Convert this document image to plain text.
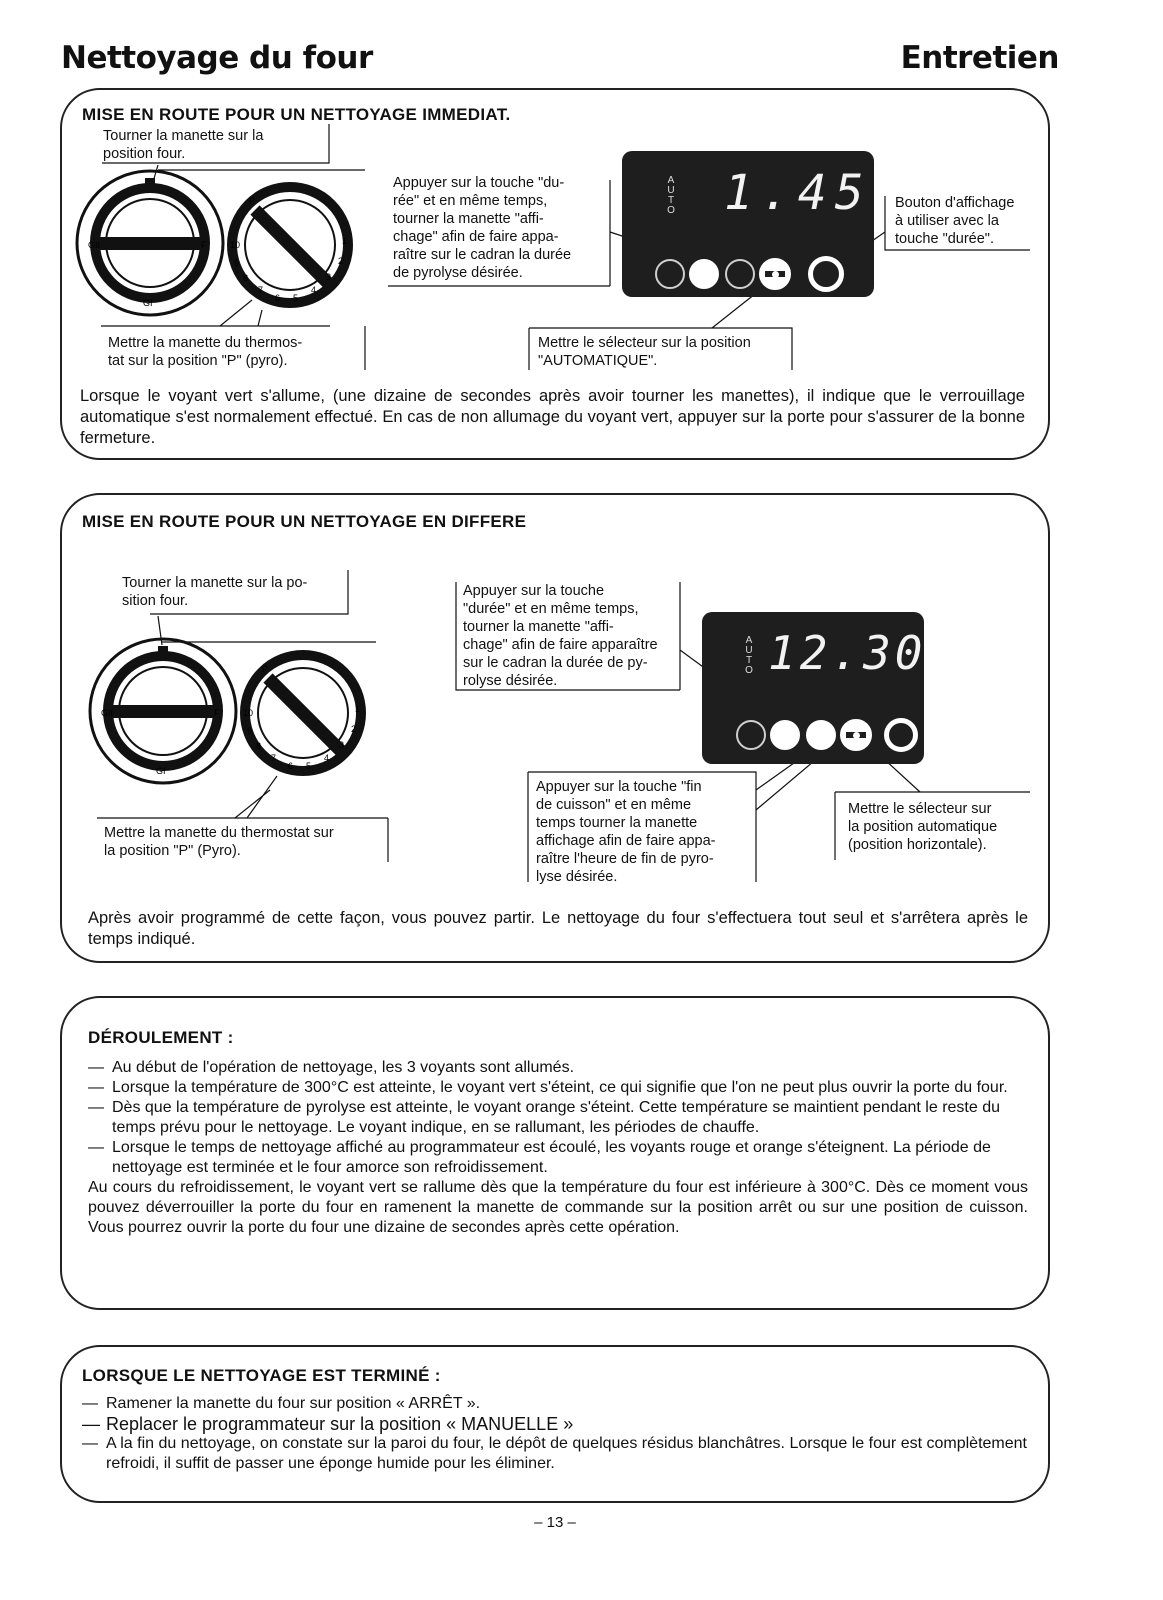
Nettoyage du four	Entretien
MISE EN ROUTE POUR UN NETTOYAGE IMMEDIAT.
Tourner la manette sur la
position four.
Appuyer sur la touche "du-
rée" et en même temps,
tourner la manette "affi-
chage" afin de faire appa-
raître sur le cadran la durée
de pyrolyse désirée.
Bouton d'affichage
à utiliser avec la
touche "durée".
Mettre la manette du thermos-
tat sur la position "P" (pyro).
Mettre le sélecteur sur la position
"AUTOMATIQUE".
GII	F
GI
P
10
9
8
7
6 5
4
3
2
1
A
U
T
O 1.45
Lorsque le voyant vert s'allume, (une dizaine de secondes après avoir tourner les manettes), il indique que le verrouillage automatique s'est normalement effectué. En cas de non allumage du voyant vert, appuyer sur la porte pour s'assurer de la bonne fermeture.
MISE EN ROUTE POUR UN NETTOYAGE EN DIFFERE
Tourner la manette sur la po-
sition four.
Appuyer sur la touche
"durée" et en même temps,
tourner la manette "affi-
chage" afin de faire apparaître
sur le cadran la durée de py-
rolyse désirée.
Appuyer sur la touche "fin
de cuisson" et en même
temps tourner la manette
affichage afin de faire appa-
raître l'heure de fin de pyro-
lyse désirée.
Mettre le sélecteur sur
la position automatique
(position horizontale).
Mettre la manette du thermostat sur
la position "P" (Pyro).
GII	F
GI
P
10
9
8
7
6 5
4
3
2
1
A
U
T
O 12.30
Après avoir programmé de cette façon, vous pouvez partir. Le nettoyage du four s'effectuera tout seul et s'arrêtera après le temps indiqué.
DÉROULEMENT :
— Au début de l'opération de nettoyage, les 3 voyants sont allumés.
— Lorsque la température de 300°C est atteinte, le voyant vert s'éteint, ce qui signifie que l'on ne peut plus ouvrir la porte du four.
— Dès que la température de pyrolyse est atteinte, le voyant orange s'éteint. Cette température se maintient pendant le reste du temps prévu pour le nettoyage. Le voyant indique, en se rallumant, les périodes de chauffe.
— Lorsque le temps de nettoyage affiché au programmateur est écoulé, les voyants rouge et orange s'éteignent. La période de nettoyage est terminée et le four amorce son refroidissement.
Au cours du refroidissement, le voyant vert se rallume dès que la température du four est inférieure à 300°C. Dès ce moment vous pouvez déverrouiller la porte du four en ramenent la manette de commande sur la position arrêt ou sur une position de cuisson. Vous pourrez ouvrir la porte du four une dizaine de secondes après cette opération.
LORSQUE LE NETTOYAGE EST TERMINÉ :
— Ramener la manette du four sur position « ARRÊT ».
— Replacer le programmateur sur la position « MANUELLE »
— A la fin du nettoyage, on constate sur la paroi du four, le dépôt de quelques résidus blanchâtres. Lorsque le four est complètement refroidi, il suffit de passer une éponge humide pour les éliminer.
– 13 –
